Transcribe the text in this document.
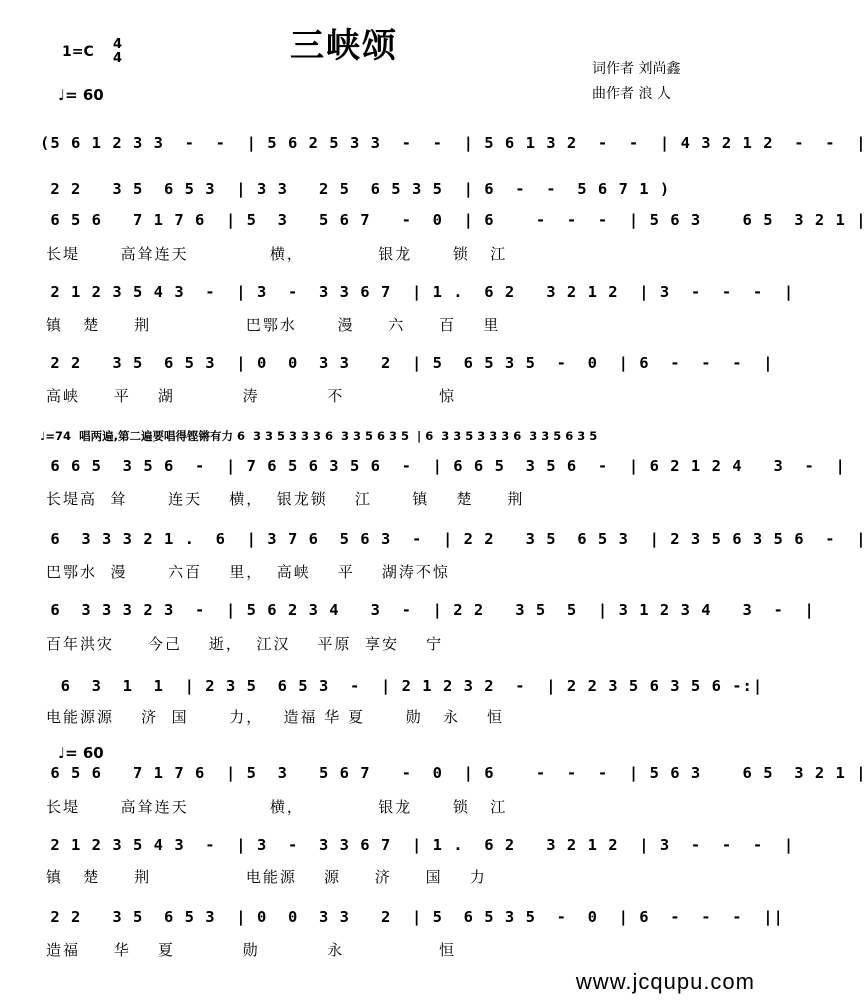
三峡颂
1=C 4
4
♩= 60
词作者 刘尚鑫
曲作者 浪 人
(5 6 1 2 3 3  -  -  | 5 6 2 5 3 3  -  -  | 5 6 1 3 2  -  -  | 4 3 2 1 2  -  -  |
2 2   3 5  6 5 3  | 3 3   2 5  6 5 3 5  | 6  -  -  5 6 7 1 )
6 5 6   7 1 7 6  | 5  3   5 6 7   -  0  | 6    -  -  -  | 5 6 3    6 5  3 2 1 |
长堤      高耸连天            横，           银龙      锁   江
2 1 2 3 5 4 3  -  | 3  -  3 3 6 7  | 1 .  6 2   3 2 1 2  | 3  -  -  -  |
镇   楚     荆              巴鄂水      漫     六     百    里
2 2   3 5  6 5 3  | 0  0  3 3   2  | 5  6 5 3 5  -  0  | 6  -  -  -  |
高峡     平    湖          涛          不              惊
♩=74  唱两遍,第二遍要唱得铿锵有力 6  3 3 5 3 3 3 6  3 3 5 6 3 5  | 6  3 3 5 3 3 3 6  3 3 5 6 3 5
6 6 5  3 5 6  -  | 7 6 5 6 3 5 6  -  | 6 6 5  3 5 6  -  | 6 2 1 2 4   3  -  |
长堤高  耸      连天    横，  银龙锁    江      镇    楚     荆
6  3 3 3 2 1 .  6  | 3 7 6  5 6 3  -  | 2 2   3 5  6 5 3  | 2 3 5 6 3 5 6  -  |
巴鄂水  漫      六百    里，  高峡    平    湖涛不惊
6  3 3 3 2 3  -  | 5 6 2 3 4   3  -  | 2 2   3 5  5  | 3 1 2 3 4   3  -  |
百年洪灾     今己    逝，  江汉    平原  享安    宁
6  3  1  1  | 2 3 5  6 5 3  -  | 2 1 2 3 2  -  | 2 2 3 5 6 3 5 6 -:|
电能源源    济  国      力，   造福 华 夏      勋   永    恒
♩= 60
6 5 6   7 1 7 6  | 5  3   5 6 7   -  0  | 6    -  -  -  | 5 6 3    6 5  3 2 1 |
长堤      高耸连天            横，           银龙      锁   江
2 1 2 3 5 4 3  -  | 3  -  3 3 6 7  | 1 .  6 2   3 2 1 2  | 3  -  -  -  |
镇   楚     荆              电能源    源     济     国    力
2 2   3 5  6 5 3  | 0  0  3 3   2  | 5  6 5 3 5  -  0  | 6  -  -  -  ||
造福     华    夏          勋          永              恒
www.jcqupu.com
